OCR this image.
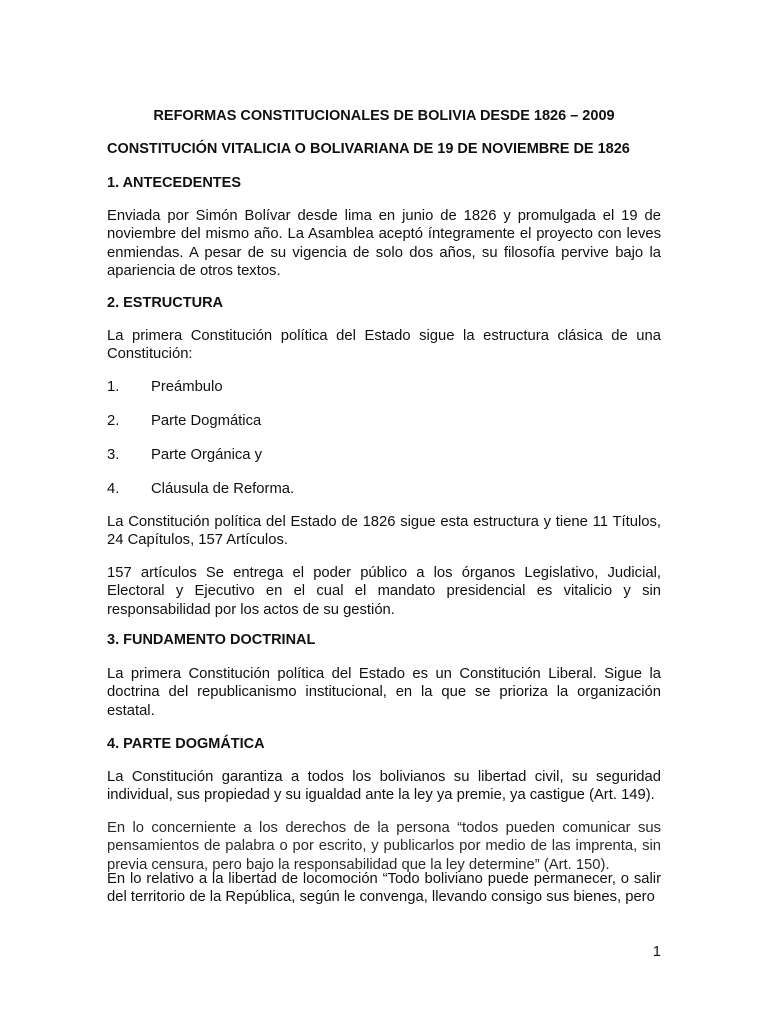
REFORMAS CONSTITUCIONALES DE BOLIVIA DESDE 1826 – 2009

CONSTITUCIÓN VITALICIA O BOLIVARIANA DE 19 DE NOVIEMBRE DE 1826

1. ANTECEDENTES

Enviada por Simón Bolívar desde lima en junio de 1826 y promulgada el 19 de noviembre del mismo año. La Asamblea aceptó íntegramente el proyecto con leves enmiendas. A pesar de su vigencia de solo dos años, su filosofía pervive bajo la apariencia de otros textos.

2. ESTRUCTURA

La primera Constitución política del Estado sigue la estructura clásica de una Constitución:

1. Preámbulo
2. Parte Dogmática
3. Parte Orgánica y
4. Cláusula de Reforma.

La Constitución política del Estado de 1826 sigue esta estructura y tiene 11 Títulos, 24 Capítulos, 157 Artículos.

157 artículos Se entrega el poder público a los órganos Legislativo, Judicial, Electoral y Ejecutivo en el cual el mandato presidencial es vitalicio y sin responsabilidad por los actos de su gestión.

3. FUNDAMENTO DOCTRINAL

La primera Constitución política del Estado es un Constitución Liberal. Sigue la doctrina del republicanismo institucional, en la que se prioriza la organización estatal.

4. PARTE DOGMÁTICA

La Constitución garantiza a todos los bolivianos su libertad civil, su seguridad individual, sus propiedad y su igualdad ante la ley ya premie, ya castigue (Art. 149).

En lo concerniente a los derechos de la persona “todos pueden comunicar sus pensamientos de palabra o por escrito, y publicarlos por medio de las imprenta, sin previa censura, pero bajo la responsabilidad que la ley determine” (Art. 150).

En lo relativo a la libertad de locomoción “Todo boliviano puede permanecer, o salir del territorio de la República, según le convenga, llevando consigo sus bienes, pero

1
